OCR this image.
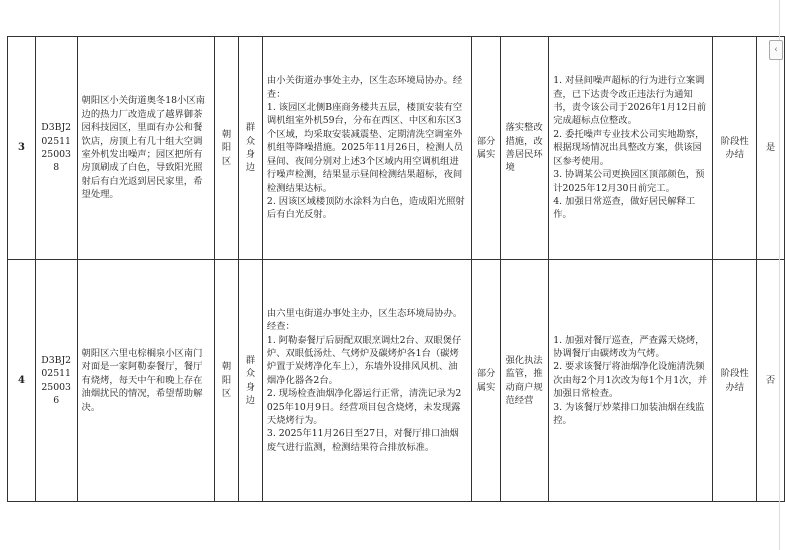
3	D3BJ202511250038	朝阳区小关街道奥冬18小区南边的热力厂改造成了越界御茶园科技园区，里面有办公和餐饮店，房顶上有几十组大空调室外机发出噪声；园区把所有房顶刷成了白色，导致阳光照射后有白光返到居民家里，希望处理。	朝阳区	群众身边	由小关街道办事处主办，区生态环境局协办。经查：
1. 该园区北侧B座商务楼共五层，楼顶安装有空调机组室外机59台，分布在西区、中区和东区3个区域，均采取安装减震垫、定期清洗空调室外机组等降噪措施。2025年11月26日，检测人员昼间、夜间分别对上述3个区域内用空调机组进行噪声检测，结果显示昼间检测结果超标，夜间检测结果达标。
2. 因该区域楼顶防水涂料为白色，造成阳光照射后有白光反射。	部分属实	落实整改措施，改善居民环境	1. 对昼间噪声超标的行为进行立案调查，已下达责令改正违法行为通知书，责令该公司于2026年1月12日前完成超标点位整改。
2. 委托噪声专业技术公司实地勘察，根据现场情况出具整改方案，供该园区参考使用。
3. 协调某公司更换园区顶部颜色，预计2025年12月30日前完工。
4. 加强日常巡查，做好居民解释工作。	阶段性办结	是
4	D3BJ202511250036	朝阳区六里屯棕榈泉小区南门对面是一家阿勒泰餐厅，餐厅有烧烤，每天中午和晚上存在油烟扰民的情况，希望帮助解决。	朝阳区	群众身边	由六里屯街道办事处主办，区生态环境局协办。经查：
1. 阿勒泰餐厅后厨配双眼烹调灶2台、双眼煲仔炉、双眼低汤灶、气烤炉及碳烤炉各1台（碳烤炉置于炭烤净化车上），东墙外设排风风机、油烟净化器各2台。
2. 现场检查油烟净化器运行正常，清洗记录为2025年10月9日。经营项目包含烧烤，未发现露天烧烤行为。
3. 2025年11月26日至27日，对餐厅排口油烟废气进行监测，检测结果符合排放标准。	部分属实	强化执法监管，推动商户规范经营	1. 加强对餐厅巡查，严查露天烧烤，协调餐厅由碳烤改为气烤。
2. 要求该餐厅将油烟净化设施清洗频次由每2个月1次改为每1个月1次，并加强日常检查。
3. 为该餐厅炒菜排口加装油烟在线监控。	阶段性办结	否
‹
